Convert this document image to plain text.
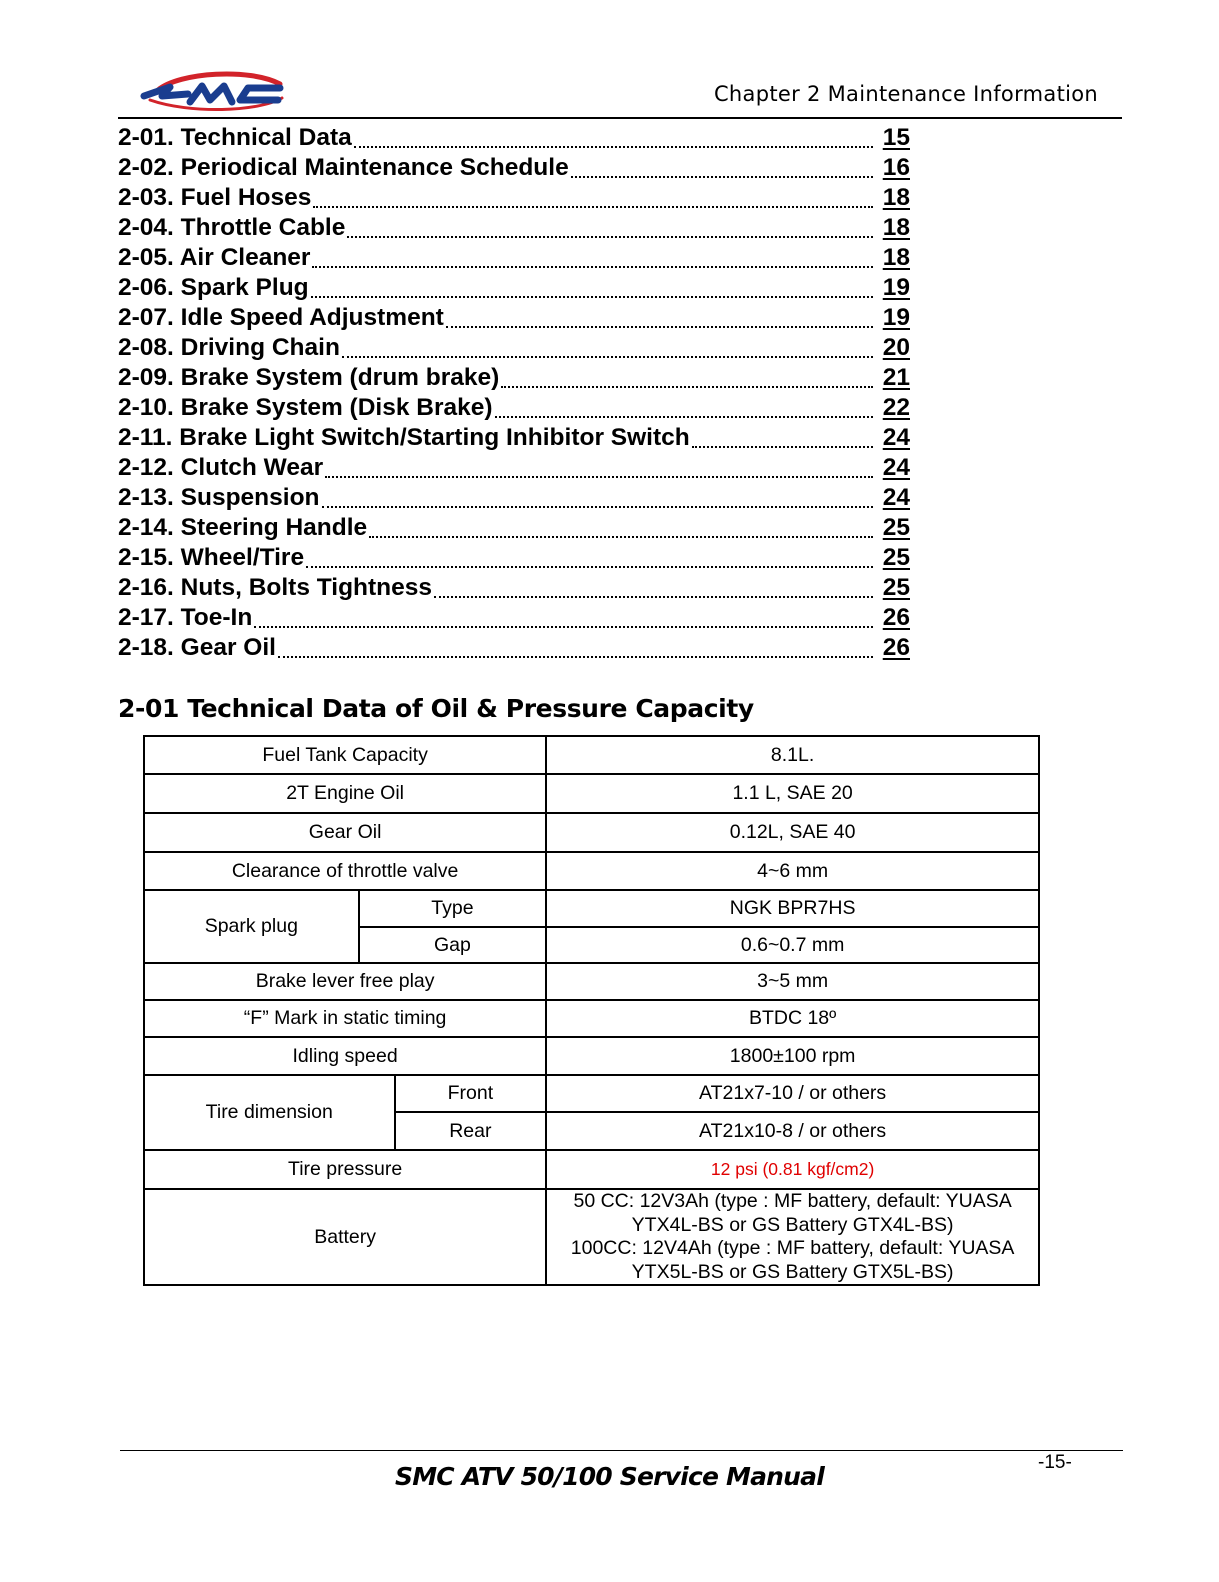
Chapter 2 Maintenance Information
2-01. Technical Data	15
2-02. Periodical Maintenance Schedule	16
2-03. Fuel Hoses	18
2-04. Throttle Cable	18
2-05. Air Cleaner	18
2-06. Spark Plug	19
2-07. Idle Speed Adjustment	19
2-08. Driving Chain	20
2-09. Brake System (drum brake)	21
2-10. Brake System (Disk Brake)	22
2-11. Brake Light Switch/Starting Inhibitor Switch	24
2-12. Clutch Wear	24
2-13. Suspension	24
2-14. Steering Handle	25
2-15. Wheel/Tire	25
2-16. Nuts, Bolts Tightness	25
2-17. Toe-In	26
2-18. Gear Oil	26
2-01 Technical Data of Oil & Pressure Capacity
Fuel Tank Capacity			8.1L.
2T Engine Oil			1.1 L, SAE 20
Gear Oil			0.12L, SAE 40
Clearance of throttle valve			4~6 mm
Spark plug	Type		NGK BPR7HS
	Gap		0.6~0.7 mm
Brake lever free play			3~5 mm
“F” Mark in static timing			BTDC 18º
Idling speed			1800±100 rpm
Tire dimension		Front	AT21x7-10 / or others
		Rear	AT21x10-8 / or others
Tire pressure			12 psi (0.81 kgf/cm2)
Battery			50 CC: 12V3Ah (type : MF battery, default: YUASA
YTX4L-BS or GS Battery GTX4L-BS)
100CC: 12V4Ah (type : MF battery, default: YUASA
YTX5L-BS or GS Battery GTX5L-BS)
-15-
SMC ATV 50/100 Service Manual
